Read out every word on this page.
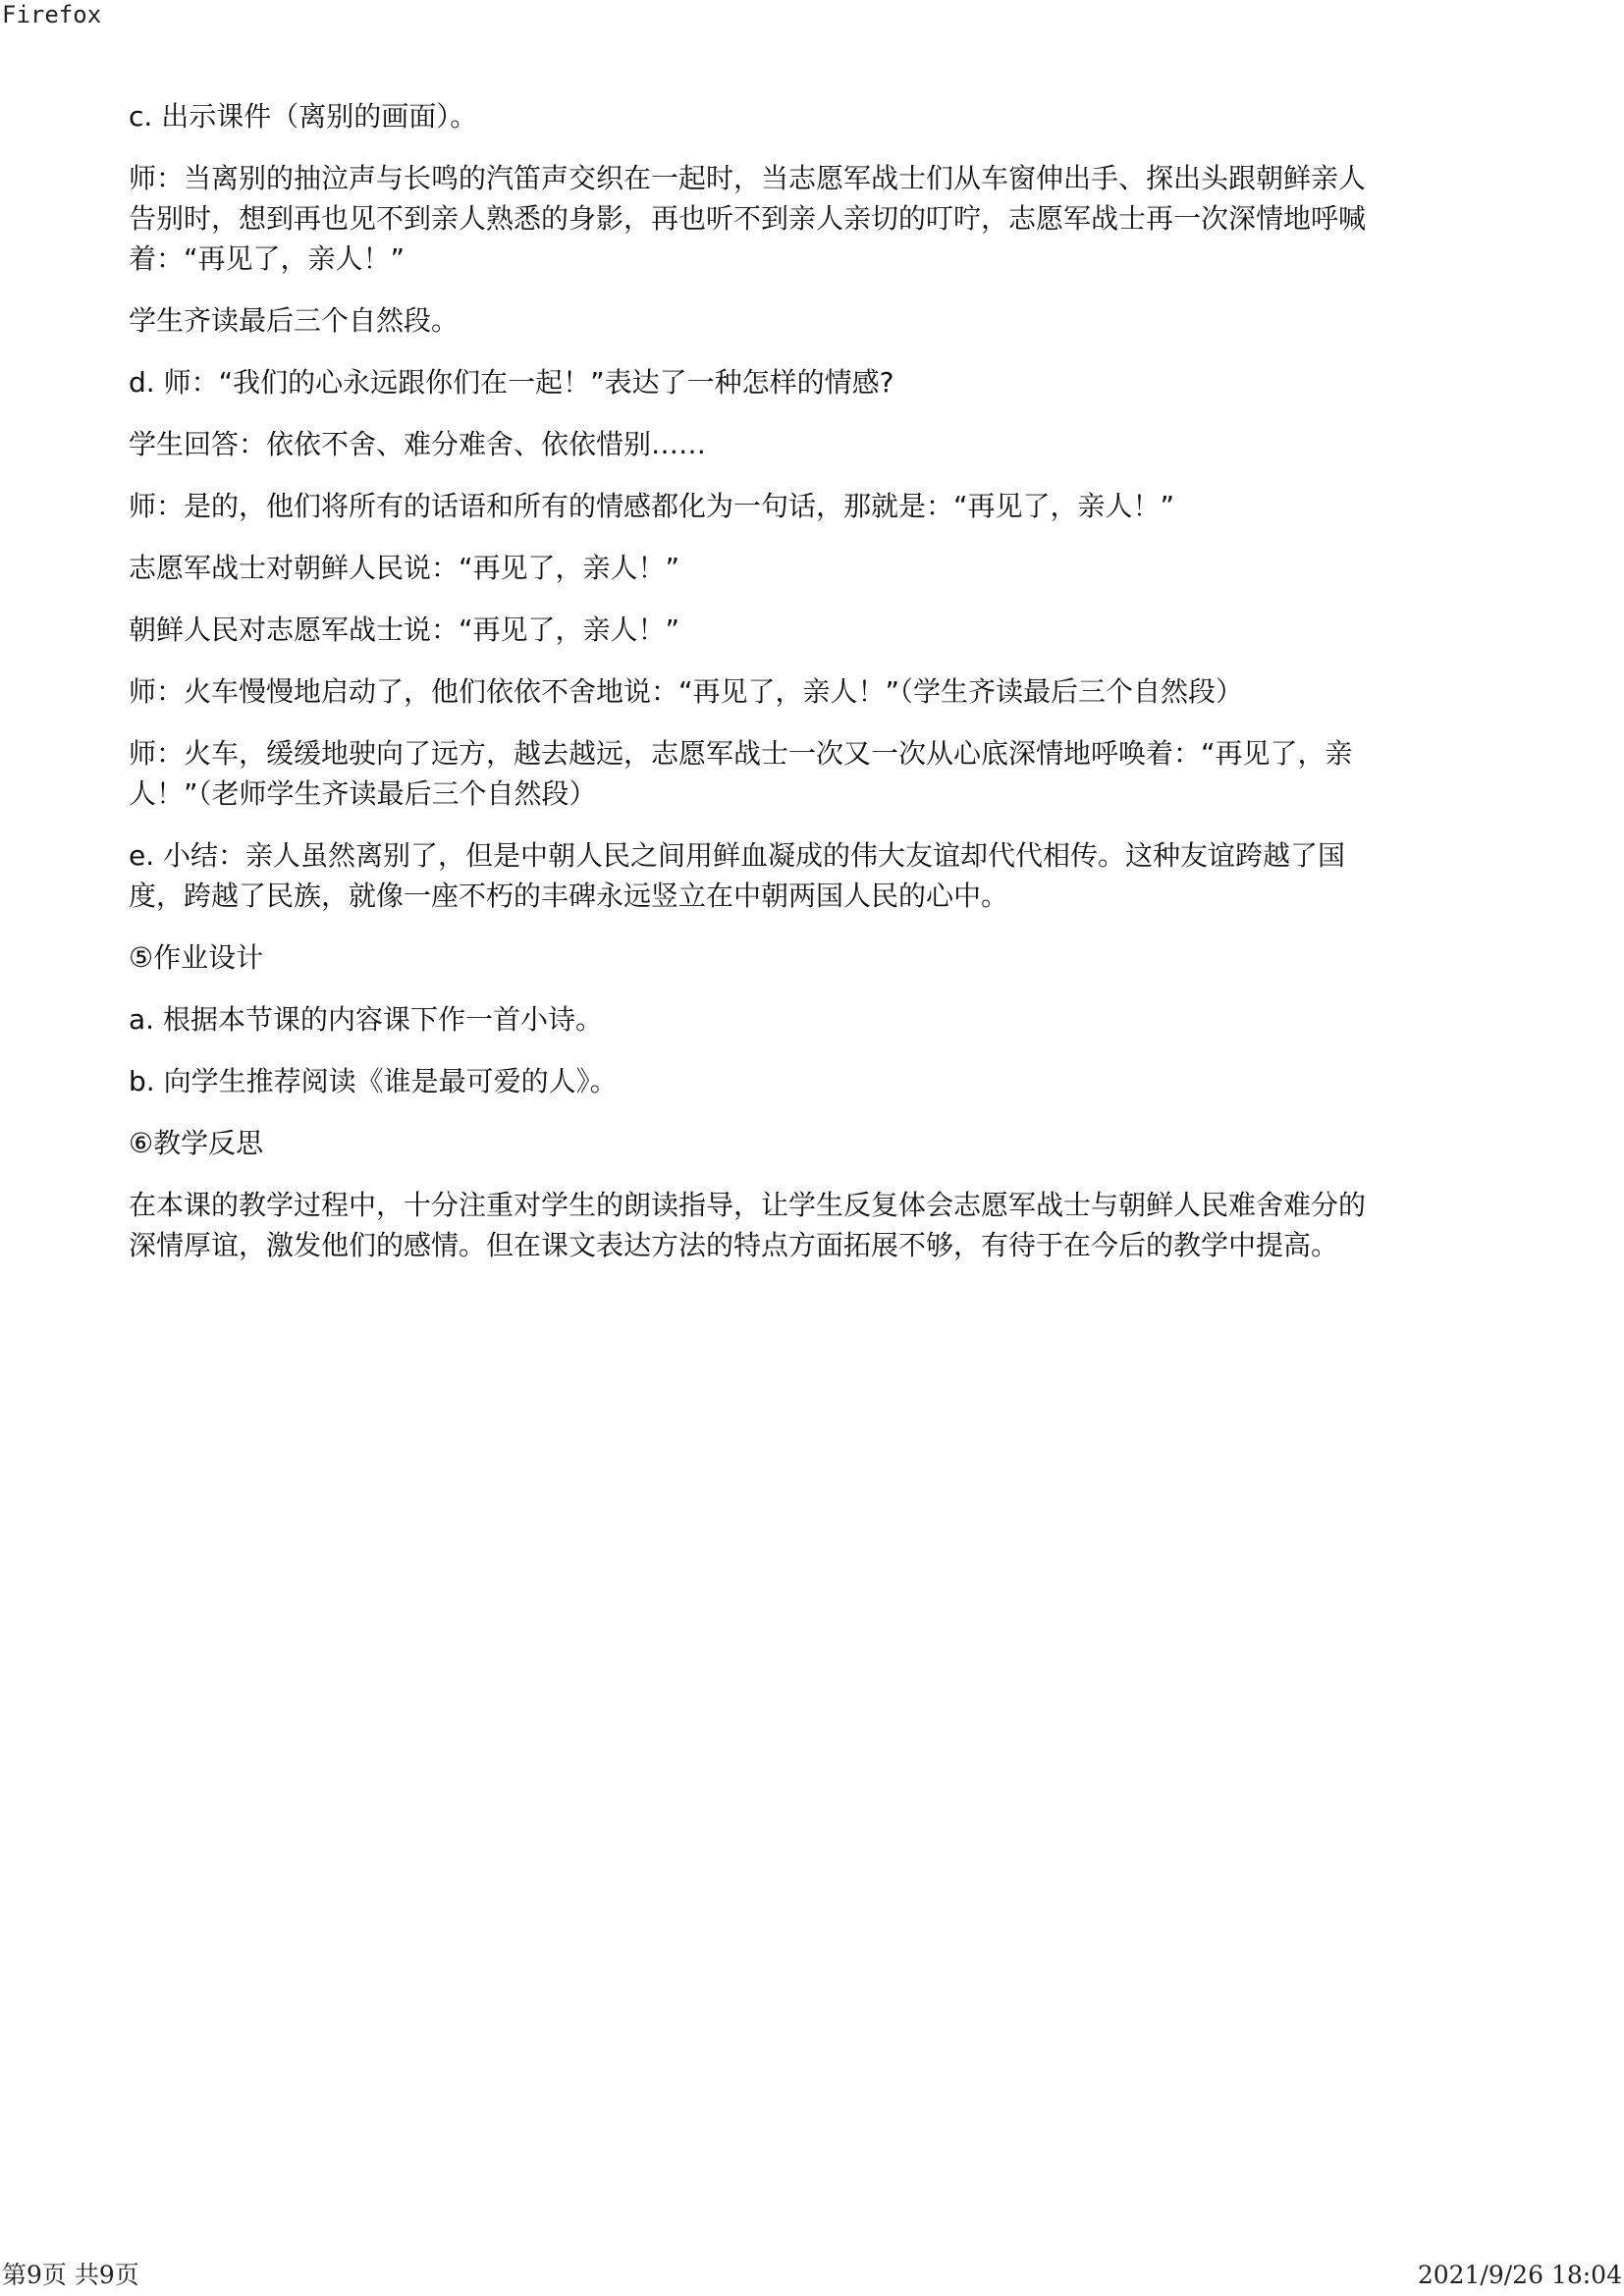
Firefox

c. 出示课件（离别的画面）。

师：当离别的抽泣声与长鸣的汽笛声交织在一起时，当志愿军战士们从车窗伸出手、探出头跟朝鲜亲人告别时，想到再也见不到亲人熟悉的身影，再也听不到亲人亲切的叮咛，志愿军战士再一次深情地呼喊着：“再见了，亲人！”

学生齐读最后三个自然段。

d. 师：“我们的心永远跟你们在一起！”表达了一种怎样的情感?

学生回答：依依不舍、难分难舍、依依惜别……

师：是的，他们将所有的话语和所有的情感都化为一句话，那就是：“再见了，亲人！”

志愿军战士对朝鲜人民说：“再见了，亲人！”

朝鲜人民对志愿军战士说：“再见了，亲人！”

师：火车慢慢地启动了，他们依依不舍地说：“再见了，亲人！”（学生齐读最后三个自然段）

师：火车，缓缓地驶向了远方，越去越远，志愿军战士一次又一次从心底深情地呼唤着：“再见了，亲人！”（老师学生齐读最后三个自然段）

e. 小结：亲人虽然离别了，但是中朝人民之间用鲜血凝成的伟大友谊却代代相传。这种友谊跨越了国度，跨越了民族，就像一座不朽的丰碑永远竖立在中朝两国人民的心中。

⑤作业设计

a. 根据本节课的内容课下作一首小诗。

b. 向学生推荐阅读《谁是最可爱的人》。

⑥教学反思

在本课的教学过程中，十分注重对学生的朗读指导，让学生反复体会志愿军战士与朝鲜人民难舍难分的深情厚谊，激发他们的感情。但在课文表达方法的特点方面拓展不够，有待于在今后的教学中提高。

第9页 共9页	2021/9/26 18:04
